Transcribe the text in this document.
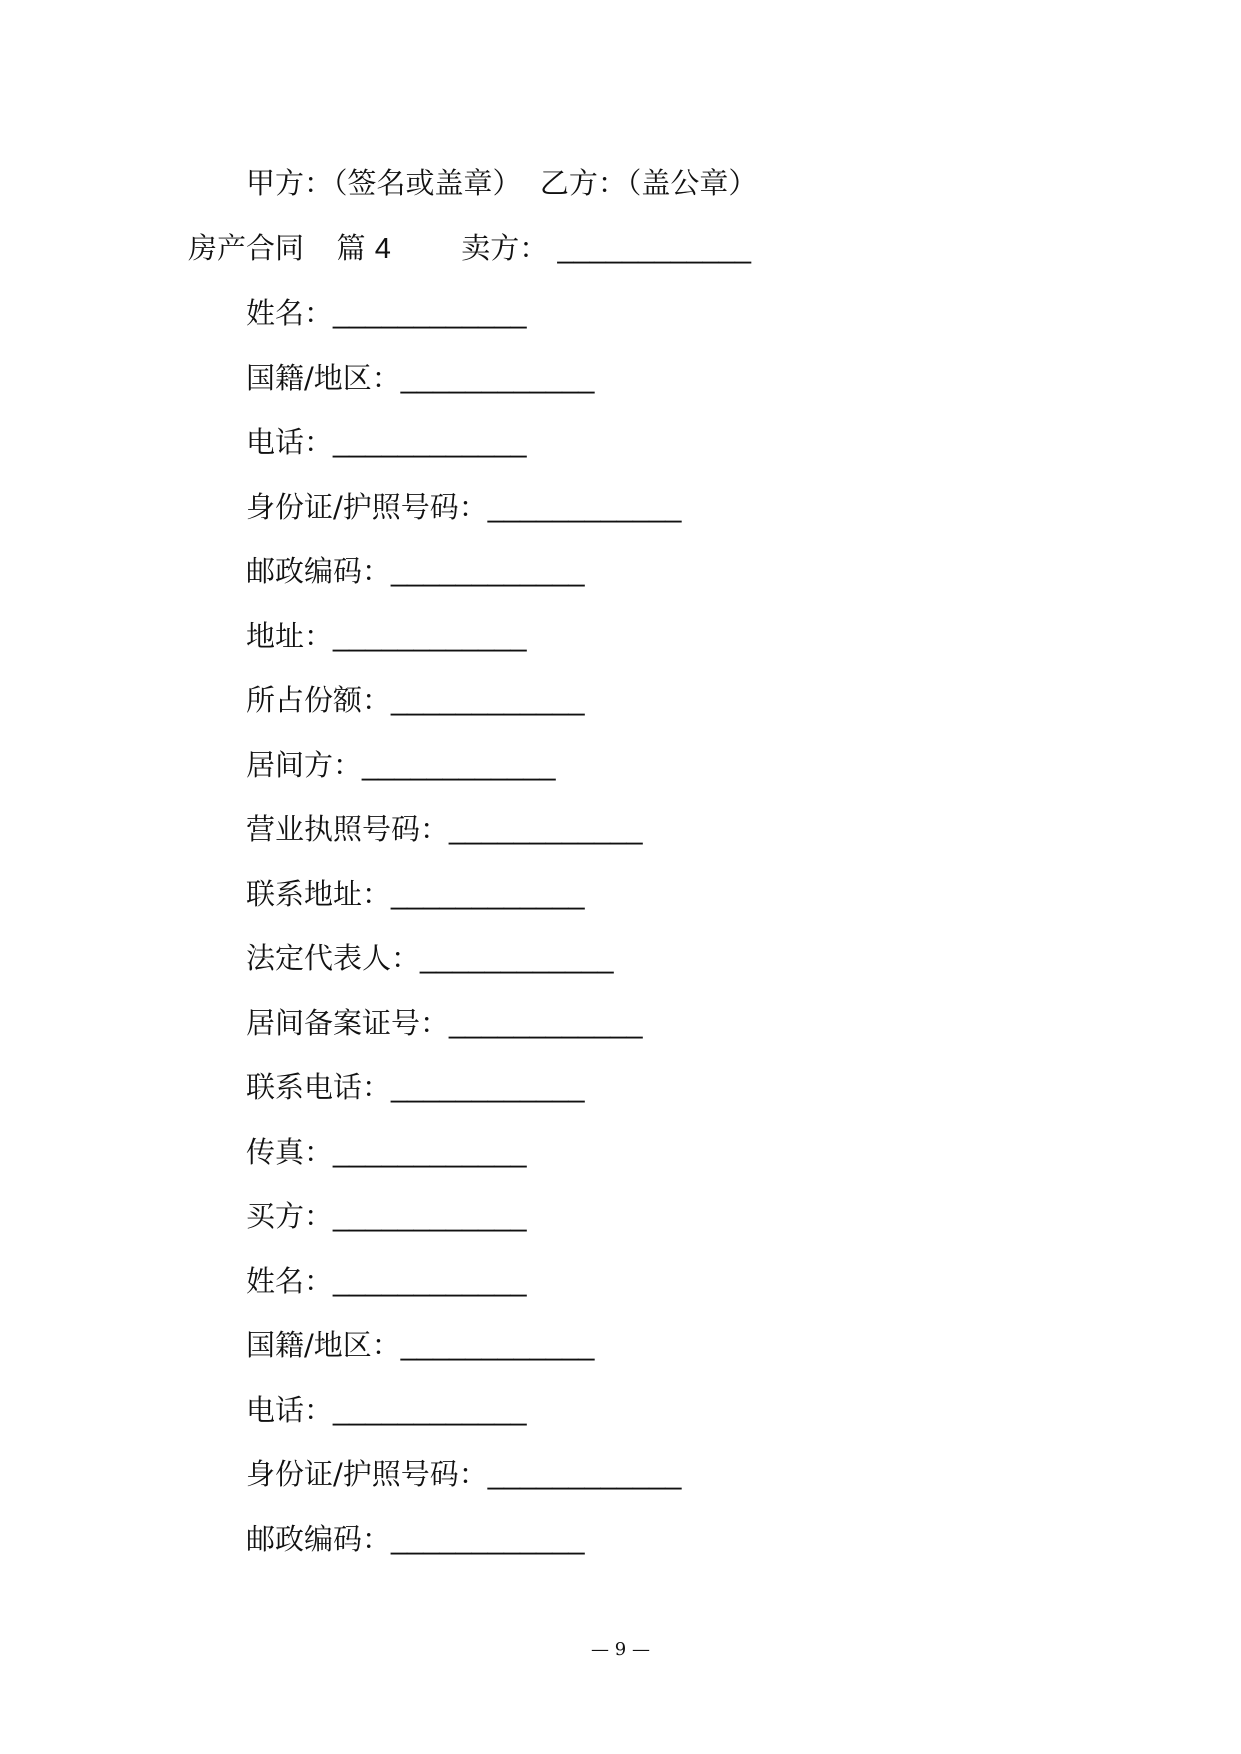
甲方：（签名或盖章）  乙方：（盖公章）
房产合同 篇 4 卖方： ____________
姓名：____________
国籍/地区：____________
电话：____________
身份证/护照号码：____________
邮政编码：____________
地址：____________
所占份额：____________
居间方：____________
营业执照号码：____________
联系地址：____________
法定代表人：____________
居间备案证号：____________
联系电话：____________
传真：____________
买方：____________
姓名：____________
国籍/地区：____________
电话：____________
身份证/护照号码：____________
邮政编码：____________
— 9 —
